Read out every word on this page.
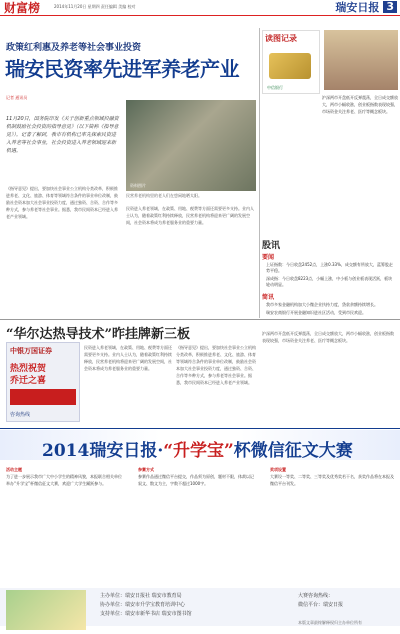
财富榜	2014年11月20日 星期四 责任编辑 美编 校对	瑞安日报 3
政策红利惠及养老等社会事业投资
瑞安民资率先进军养老产业
记者 通讯员
11月20日，国务院印发《关于创新重点领域投融资机制鼓励社会投资的指导意见》（以下简称《指导意见》）。记者了解到，我市有机构已率先探索民资进入养老等社会事业，社会投资进入养老领域迎来新机遇。
《指导意见》提出，要加快社会事业公立机构分类改革，积极推进养老、文化、旅游、体育等领域符合条件的事业单位改制，鼓励社会资本加大社会事业投资力度，通过独资、合资、合作等多种方式，参与养老等社会事业。据悉，我市民间资本已经进入养老产业领域。
资料图片
民营养老机构里的老人们在悠闲地晒太阳。
民资进入养老领域，在政策、用地、税费等方面还需要更多支持。业内人士认为，随着政策红利持续释放，民营养老机构将迎来更广阔的发展空间，社会资本将成为养老服务业的重要力量。
读图记录
中信银行
沪深两市开盘低开反弹震荡，全日成交额放大，两市小幅收涨，创业板指数表现较强，市场资金关注养老、医疗等概念板块。
股讯
要闻
上证指数：今日收盘2452点，上涨0.33%，成交额有所放大，蓝筹股走势平稳。
深成指：今日收盘8223点，小幅上涨，中小板与创业板表现活跃，板块轮动明显。
简讯
我市多家金融机构加大小微企业扶持力度，贷款余额持续增长。
瑞安农商银行开展金融知识进社区活动，受到市民欢迎。
“华尔达热导技术”昨挂牌新三板
中银万国证券
热烈祝贺
乔迁之喜
咨询热线
民资进入养老领域，在政策、用地、税费等方面还需要更多支持。业内人士认为，随着政策红利持续释放，民营养老机构将迎来更广阔的发展空间，社会资本将成为养老服务业的重要力量。
《指导意见》提出，要加快社会事业公立机构分类改革，积极推进养老、文化、旅游、体育等领域符合条件的事业单位改制，鼓励社会资本加大社会事业投资力度，通过独资、合资、合作等多种方式，参与养老等社会事业。据悉，我市民间资本已经进入养老产业领域。
沪深两市开盘低开反弹震荡，全日成交额放大，两市小幅收涨，创业板指数表现较强，市场资金关注养老、医疗等概念板块。
2014瑞安日报·“升学宝”杯微信征文大赛
活动主题
为了进一步展示我市广大中小学生的精神风貌，本报联合相关单位举办“升学宝”杯微信征文大赛，欢迎广大学生踊跃参与。
参赛方式
参赛作品通过微信平台提交，作品须为原创，题材不限，体裁以记叙文、散文为主，字数不超过1000字。
奖项设置
大赛设一等奖、二等奖、三等奖及优秀奖若干名，获奖作品将在本报及微信平台刊发。
主办单位：瑞安日报社 瑞安市教育局
协办单位：瑞安市升学宝教育培训中心
支持单位：瑞安市新华书店 瑞安市图书馆
大赛咨询热线：
微信平台：瑞安日报
本版文章最终解释权归主办单位所有
